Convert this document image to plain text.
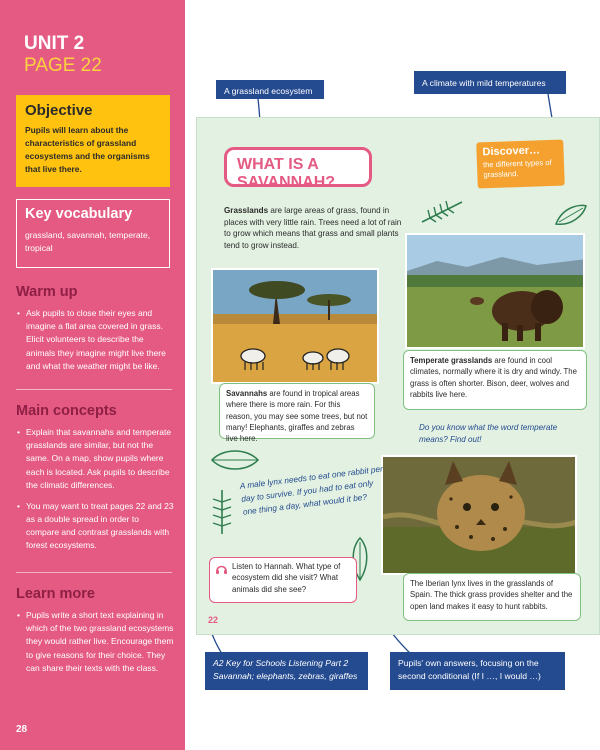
UNIT 2
PAGE 22
Objective

Pupils will learn about the characteristics of grassland ecosystems and the organisms that live there.

Key vocabulary

grassland, savannah, temperate, tropical

Warm up
• Ask pupils to close their eyes and imagine a flat area covered in grass. Elicit volunteers to describe the animals they imagine might live there and what the weather might be like.
Main concepts
• Explain that savannahs and temperate grasslands are similar, but not the same. On a map, show pupils where each is located. Ask pupils to describe the climatic differences.
• You may want to treat pages 22 and 23 as a double spread in order to compare and contrast grasslands with forest ecosystems.
Learn more
• Pupils write a short text explaining in which of the two grassland ecosystems they would rather live. Encourage them to give reasons for their choice. They can share their texts with the class.
28
WHAT IS A SAVANNAH?
Discover…
the different types of grassland.

Grasslands are large areas of grass, found in places with very little rain. Trees need a lot of rain to grow which means that grass and small plants tend to grow instead.

Savannahs are found in tropical areas where there is more rain. For this reason, you may see some trees, but not many! Elephants, giraffes and zebras live here.
Temperate grasslands are found in cool climates, normally where it is dry and windy. The grass is often shorter. Bison, deer, wolves and rabbits live here.

Do you know what the word temperate means? Find out!

A male lynx needs to eat one rabbit per day to survive. If you had to eat only one thing a day, what would it be?

Listen to Hannah. What type of ecosystem did she visit? What animals did she see?
The Iberian lynx lives in the grasslands of Spain. The thick grass provides shelter and the open land makes it easy to hunt rabbits.
22
A grassland ecosystem
A climate with mild temperatures
A2 Key for Schools Listening Part 2
Savannah; elephants, zebras, giraffes
Pupils' own answers, focusing on the second conditional (If I …, I would …)
